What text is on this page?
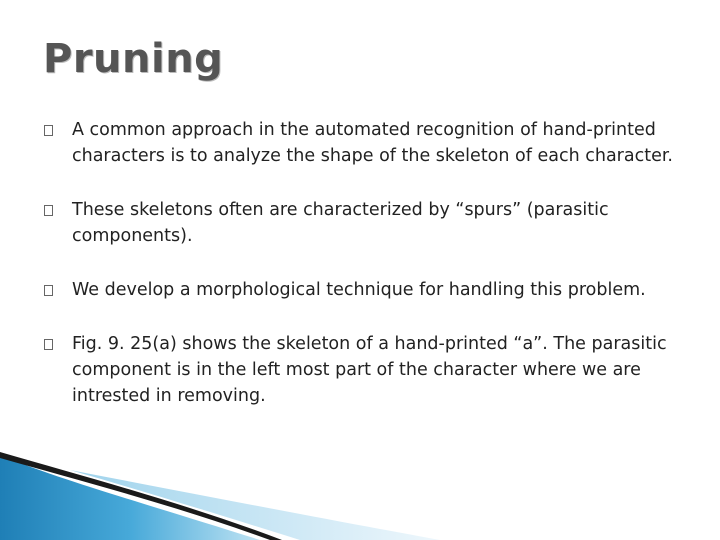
Pruning
A common approach in the automated recognition of hand-printed characters is to analyze the shape of the skeleton of each character.
These skeletons often are characterized by “spurs” (parasitic components).
We develop a morphological technique for handling this problem.
Fig. 9. 25(a) shows the skeleton of a hand-printed “a”. The parasitic component is in the left most part of the character where we are intrested in removing.
